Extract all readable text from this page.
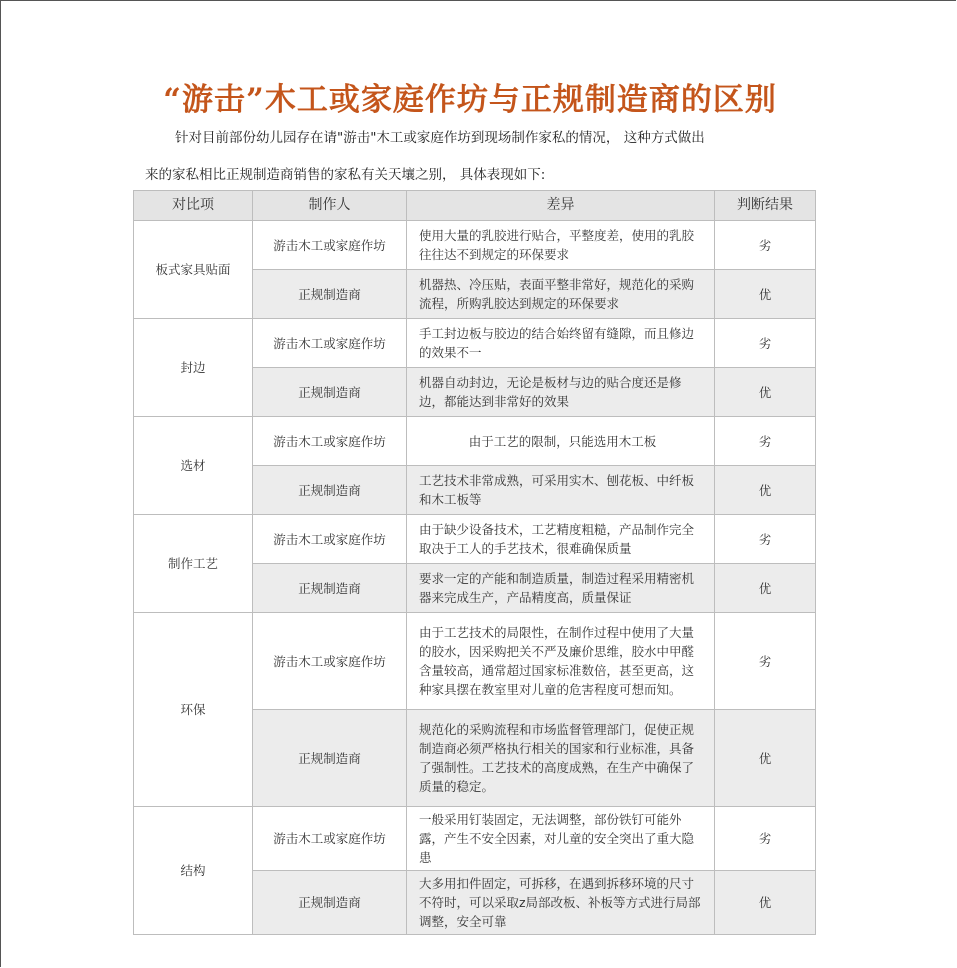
“游击”木工或家庭作坊与正规制造商的区别
针对目前部份幼儿园存在请"游击"木工或家庭作坊到现场制作家私的情况， 这种方式做出
来的家私相比正规制造商销售的家私有关天壤之别， 具体表现如下:
对比项	制作人	差异	判断结果
板式家具贴面	游击木工或家庭作坊	使用大量的乳胶进行贴合，平整度差，使用的乳胶往往达不到规定的环保要求	劣
	正规制造商	机器热、冷压贴，表面平整非常好，规范化的采购流程，所购乳胶达到规定的环保要求	优
封边	游击木工或家庭作坊	手工封边板与胶边的结合始终留有缝隙，而且修边的效果不一	劣
	正规制造商	机器自动封边，无论是板材与边的贴合度还是修边，都能达到非常好的效果	优
选材	游击木工或家庭作坊	由于工艺的限制，只能选用木工板	劣
	正规制造商	工艺技术非常成熟，可采用实木、刨花板、中纤板和木工板等	优
制作工艺	游击木工或家庭作坊	由于缺少设备技术，工艺精度粗糙，产品制作完全取决于工人的手艺技术，很难确保质量	劣
	正规制造商	要求一定的产能和制造质量，制造过程采用精密机器来完成生产，产品精度高，质量保证	优
环保	游击木工或家庭作坊	由于工艺技术的局限性，在制作过程中使用了大量的胶水，因采购把关不严及廉价思维，胶水中甲醛含量较高，通常超过国家标准数倍，甚至更高，这种家具摆在教室里对儿童的危害程度可想而知。	劣
	正规制造商	规范化的采购流程和市场监督管理部门，促使正规制造商必须严格执行相关的国家和行业标准，具备了强制性。工艺技术的高度成熟，在生产中确保了质量的稳定。	优
结构	游击木工或家庭作坊	一般采用钉装固定，无法调整，部份铁钉可能外露，产生不安全因素，对儿童的安全突出了重大隐患	劣
	正规制造商	大多用扣件固定，可拆移，在遇到拆移环境的尺寸不符时，可以采取z局部改板、补板等方式进行局部调整，安全可靠	优
